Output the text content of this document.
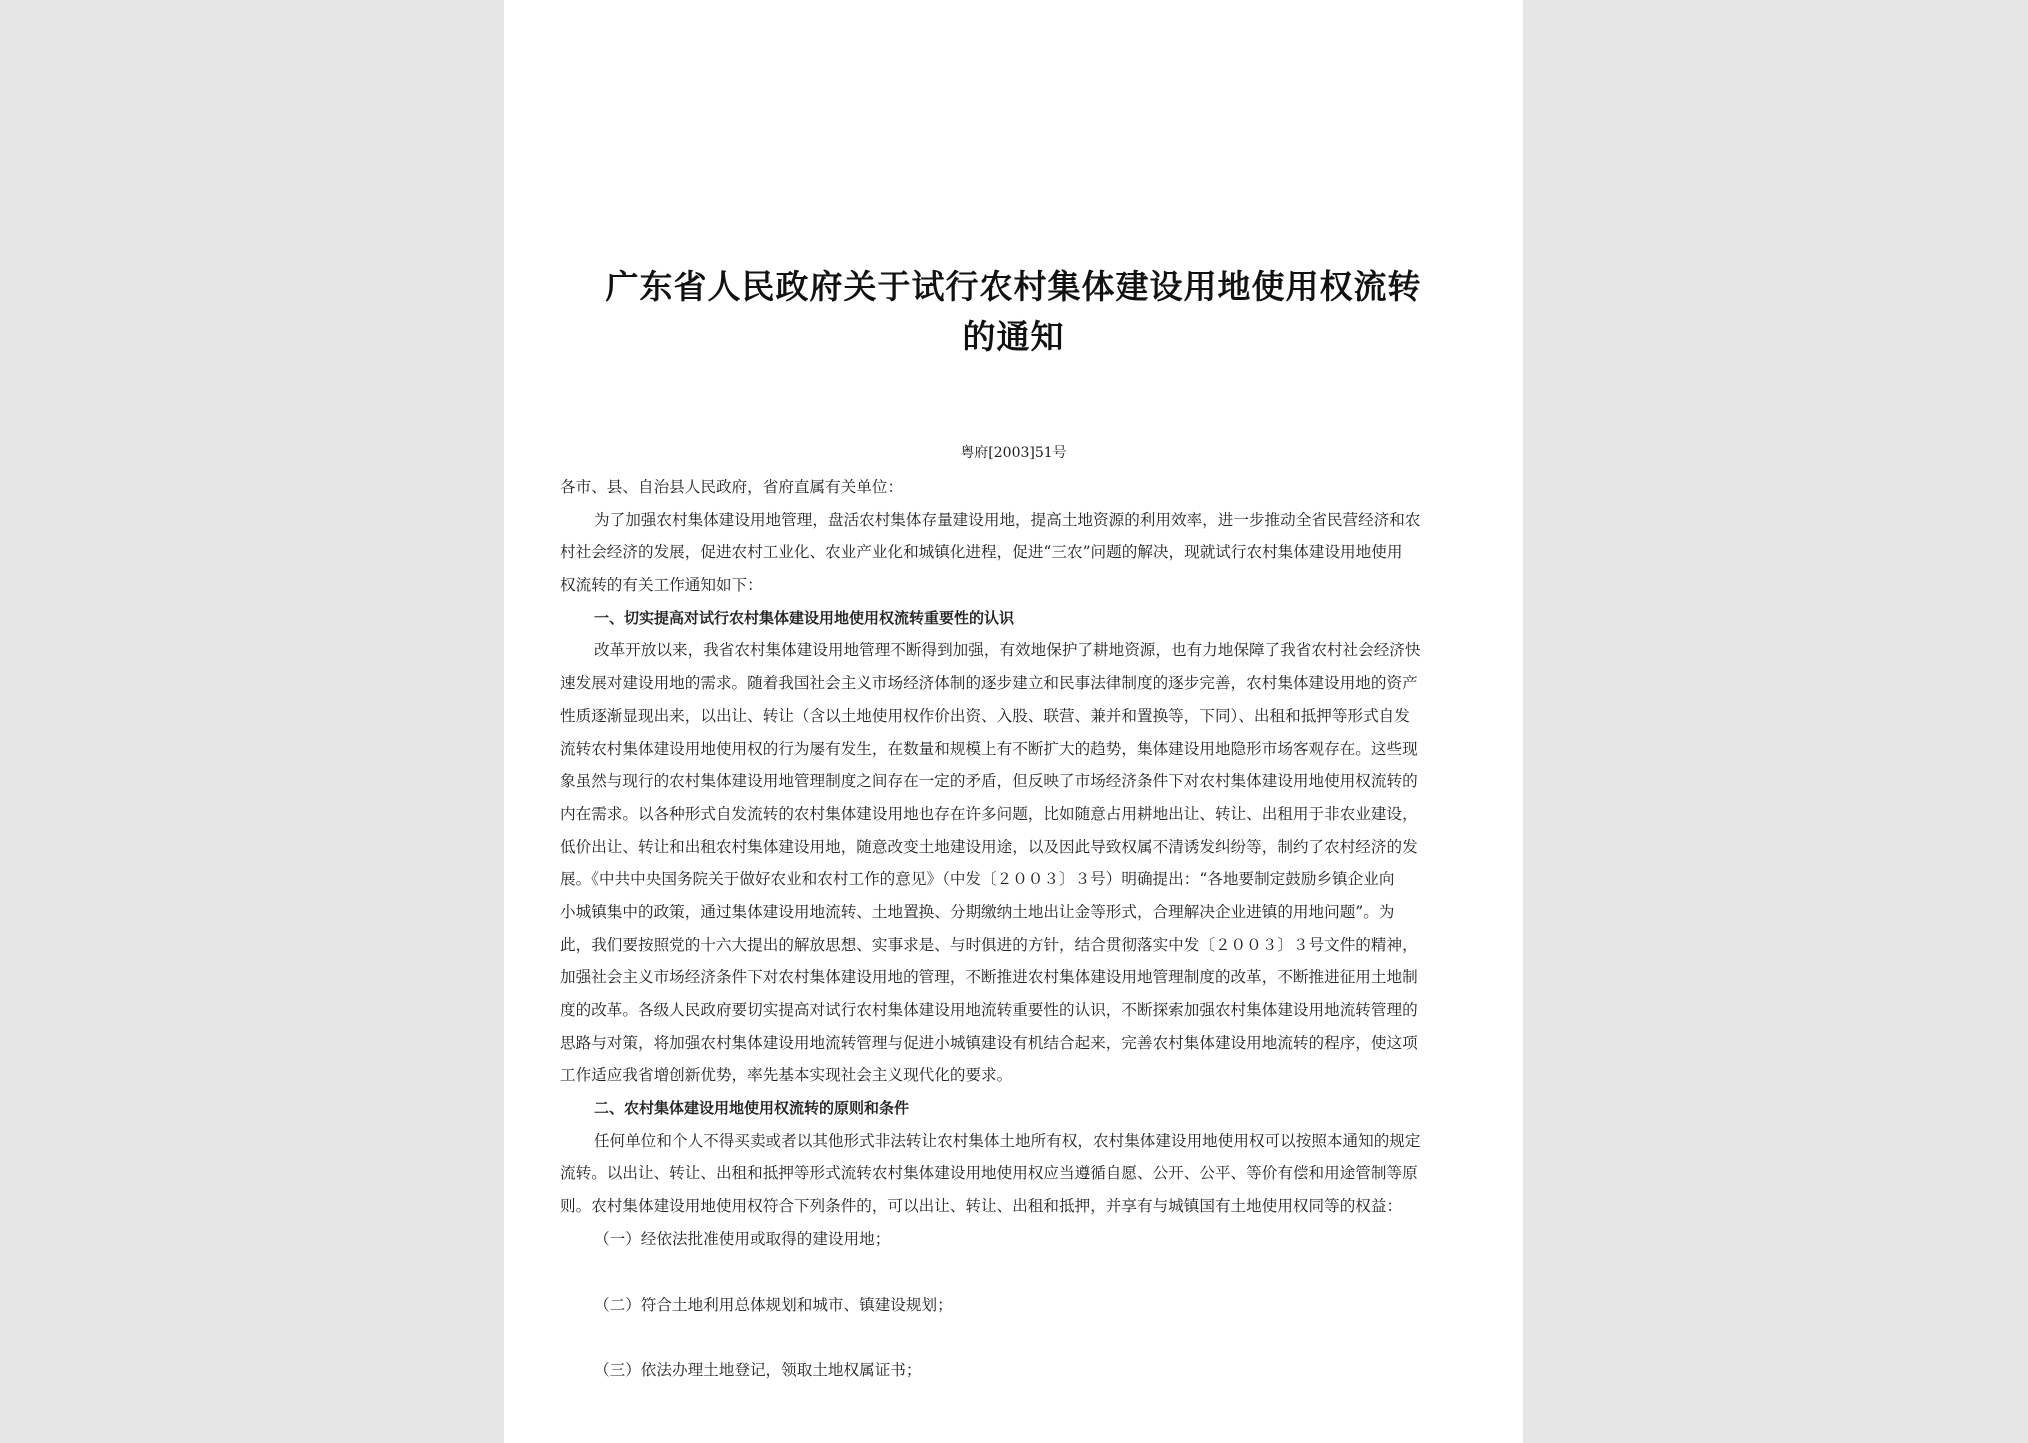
广东省人民政府关于试行农村集体建设用地使用权流转
的通知
粤府[2003]51号
各市、县、自治县人民政府，省府直属有关单位：
为了加强农村集体建设用地管理，盘活农村集体存量建设用地，提高土地资源的利用效率，进一步推动全省民营经济和农
村社会经济的发展，促进农村工业化、农业产业化和城镇化进程，促进“三农”问题的解决，现就试行农村集体建设用地使用
权流转的有关工作通知如下：
一、切实提高对试行农村集体建设用地使用权流转重要性的认识
改革开放以来，我省农村集体建设用地管理不断得到加强，有效地保护了耕地资源，也有力地保障了我省农村社会经济快
速发展对建设用地的需求。随着我国社会主义市场经济体制的逐步建立和民事法律制度的逐步完善，农村集体建设用地的资产
性质逐渐显现出来，以出让、转让（含以土地使用权作价出资、入股、联营、兼并和置换等，下同）、出租和抵押等形式自发
流转农村集体建设用地使用权的行为屡有发生，在数量和规模上有不断扩大的趋势，集体建设用地隐形市场客观存在。这些现
象虽然与现行的农村集体建设用地管理制度之间存在一定的矛盾，但反映了市场经济条件下对农村集体建设用地使用权流转的
内在需求。以各种形式自发流转的农村集体建设用地也存在许多问题，比如随意占用耕地出让、转让、出租用于非农业建设，
低价出让、转让和出租农村集体建设用地，随意改变土地建设用途，以及因此导致权属不清诱发纠纷等，制约了农村经济的发
展。《中共中央国务院关于做好农业和农村工作的意见》（中发〔２００３〕３号）明确提出：“各地要制定鼓励乡镇企业向
小城镇集中的政策，通过集体建设用地流转、土地置换、分期缴纳土地出让金等形式，合理解决企业进镇的用地问题”。为
此，我们要按照党的十六大提出的解放思想、实事求是、与时俱进的方针，结合贯彻落实中发〔２００３〕３号文件的精神，
加强社会主义市场经济条件下对农村集体建设用地的管理，不断推进农村集体建设用地管理制度的改革，不断推进征用土地制
度的改革。各级人民政府要切实提高对试行农村集体建设用地流转重要性的认识，不断探索加强农村集体建设用地流转管理的
思路与对策，将加强农村集体建设用地流转管理与促进小城镇建设有机结合起来，完善农村集体建设用地流转的程序，使这项
工作适应我省增创新优势，率先基本实现社会主义现代化的要求。
二、农村集体建设用地使用权流转的原则和条件
任何单位和个人不得买卖或者以其他形式非法转让农村集体土地所有权，农村集体建设用地使用权可以按照本通知的规定
流转。以出让、转让、出租和抵押等形式流转农村集体建设用地使用权应当遵循自愿、公开、公平、等价有偿和用途管制等原
则。农村集体建设用地使用权符合下列条件的，可以出让、转让、出租和抵押，并享有与城镇国有土地使用权同等的权益：
（一）经依法批准使用或取得的建设用地；
（二）符合土地利用总体规划和城市、镇建设规划；
（三）依法办理土地登记，领取土地权属证书；
